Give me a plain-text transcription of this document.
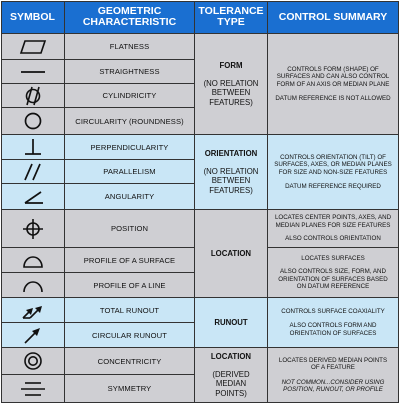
SYMBOL	GEOMETRIC CHARACTERISTIC
TOLERANCE TYPE	CONTROL SUMMARY
FLATNESS
STRAIGHTNESS
CYLINDRICITY
CIRCULARITY (ROUNDNESS)
FORM
(NO RELATION BETWEEN FEATURES)

CONTROLS FORM (SHAPE) OF SURFACES AND CAN ALSO CONTROL FORM OF AN AXIS OR MEDIAN PLANE

DATUM REFERENCE IS NOT ALLOWED

PERPENDICULARITY
PARALLELISM
ANGULARITY
ORIENTATION
(NO RELATION BETWEEN FEATURES)

CONTROLS ORIENTATION (TILT) OF SURFACES, AXES, OR MEDIAN PLANES FOR SIZE AND NON-SIZE FEATURES

DATUM REFERENCE REQUIRED

POSITION
PROFILE OF A SURFACE
PROFILE OF A LINE
LOCATION

LOCATES CENTER POINTS, AXES, AND MEDIAN PLANES FOR SIZE FEATURES

ALSO CONTROLS ORIENTATION

LOCATES SURFACES

ALSO CONTROLS SIZE, FORM, AND ORIENTATION OF SURFACES BASED ON DATUM REFERENCE

TOTAL RUNOUT
CIRCULAR RUNOUT
RUNOUT

CONTROLS SURFACE COAXIALITY

ALSO CONTROLS FORM AND ORIENTATION OF SURFACES

CONCENTRICITY
SYMMETRY
LOCATION
(DERIVED MEDIAN POINTS)

LOCATES DERIVED MEDIAN POINTS OF A FEATURE

NOT COMMON...CONSIDER USING POSITION, RUNOUT, OR PROFILE
